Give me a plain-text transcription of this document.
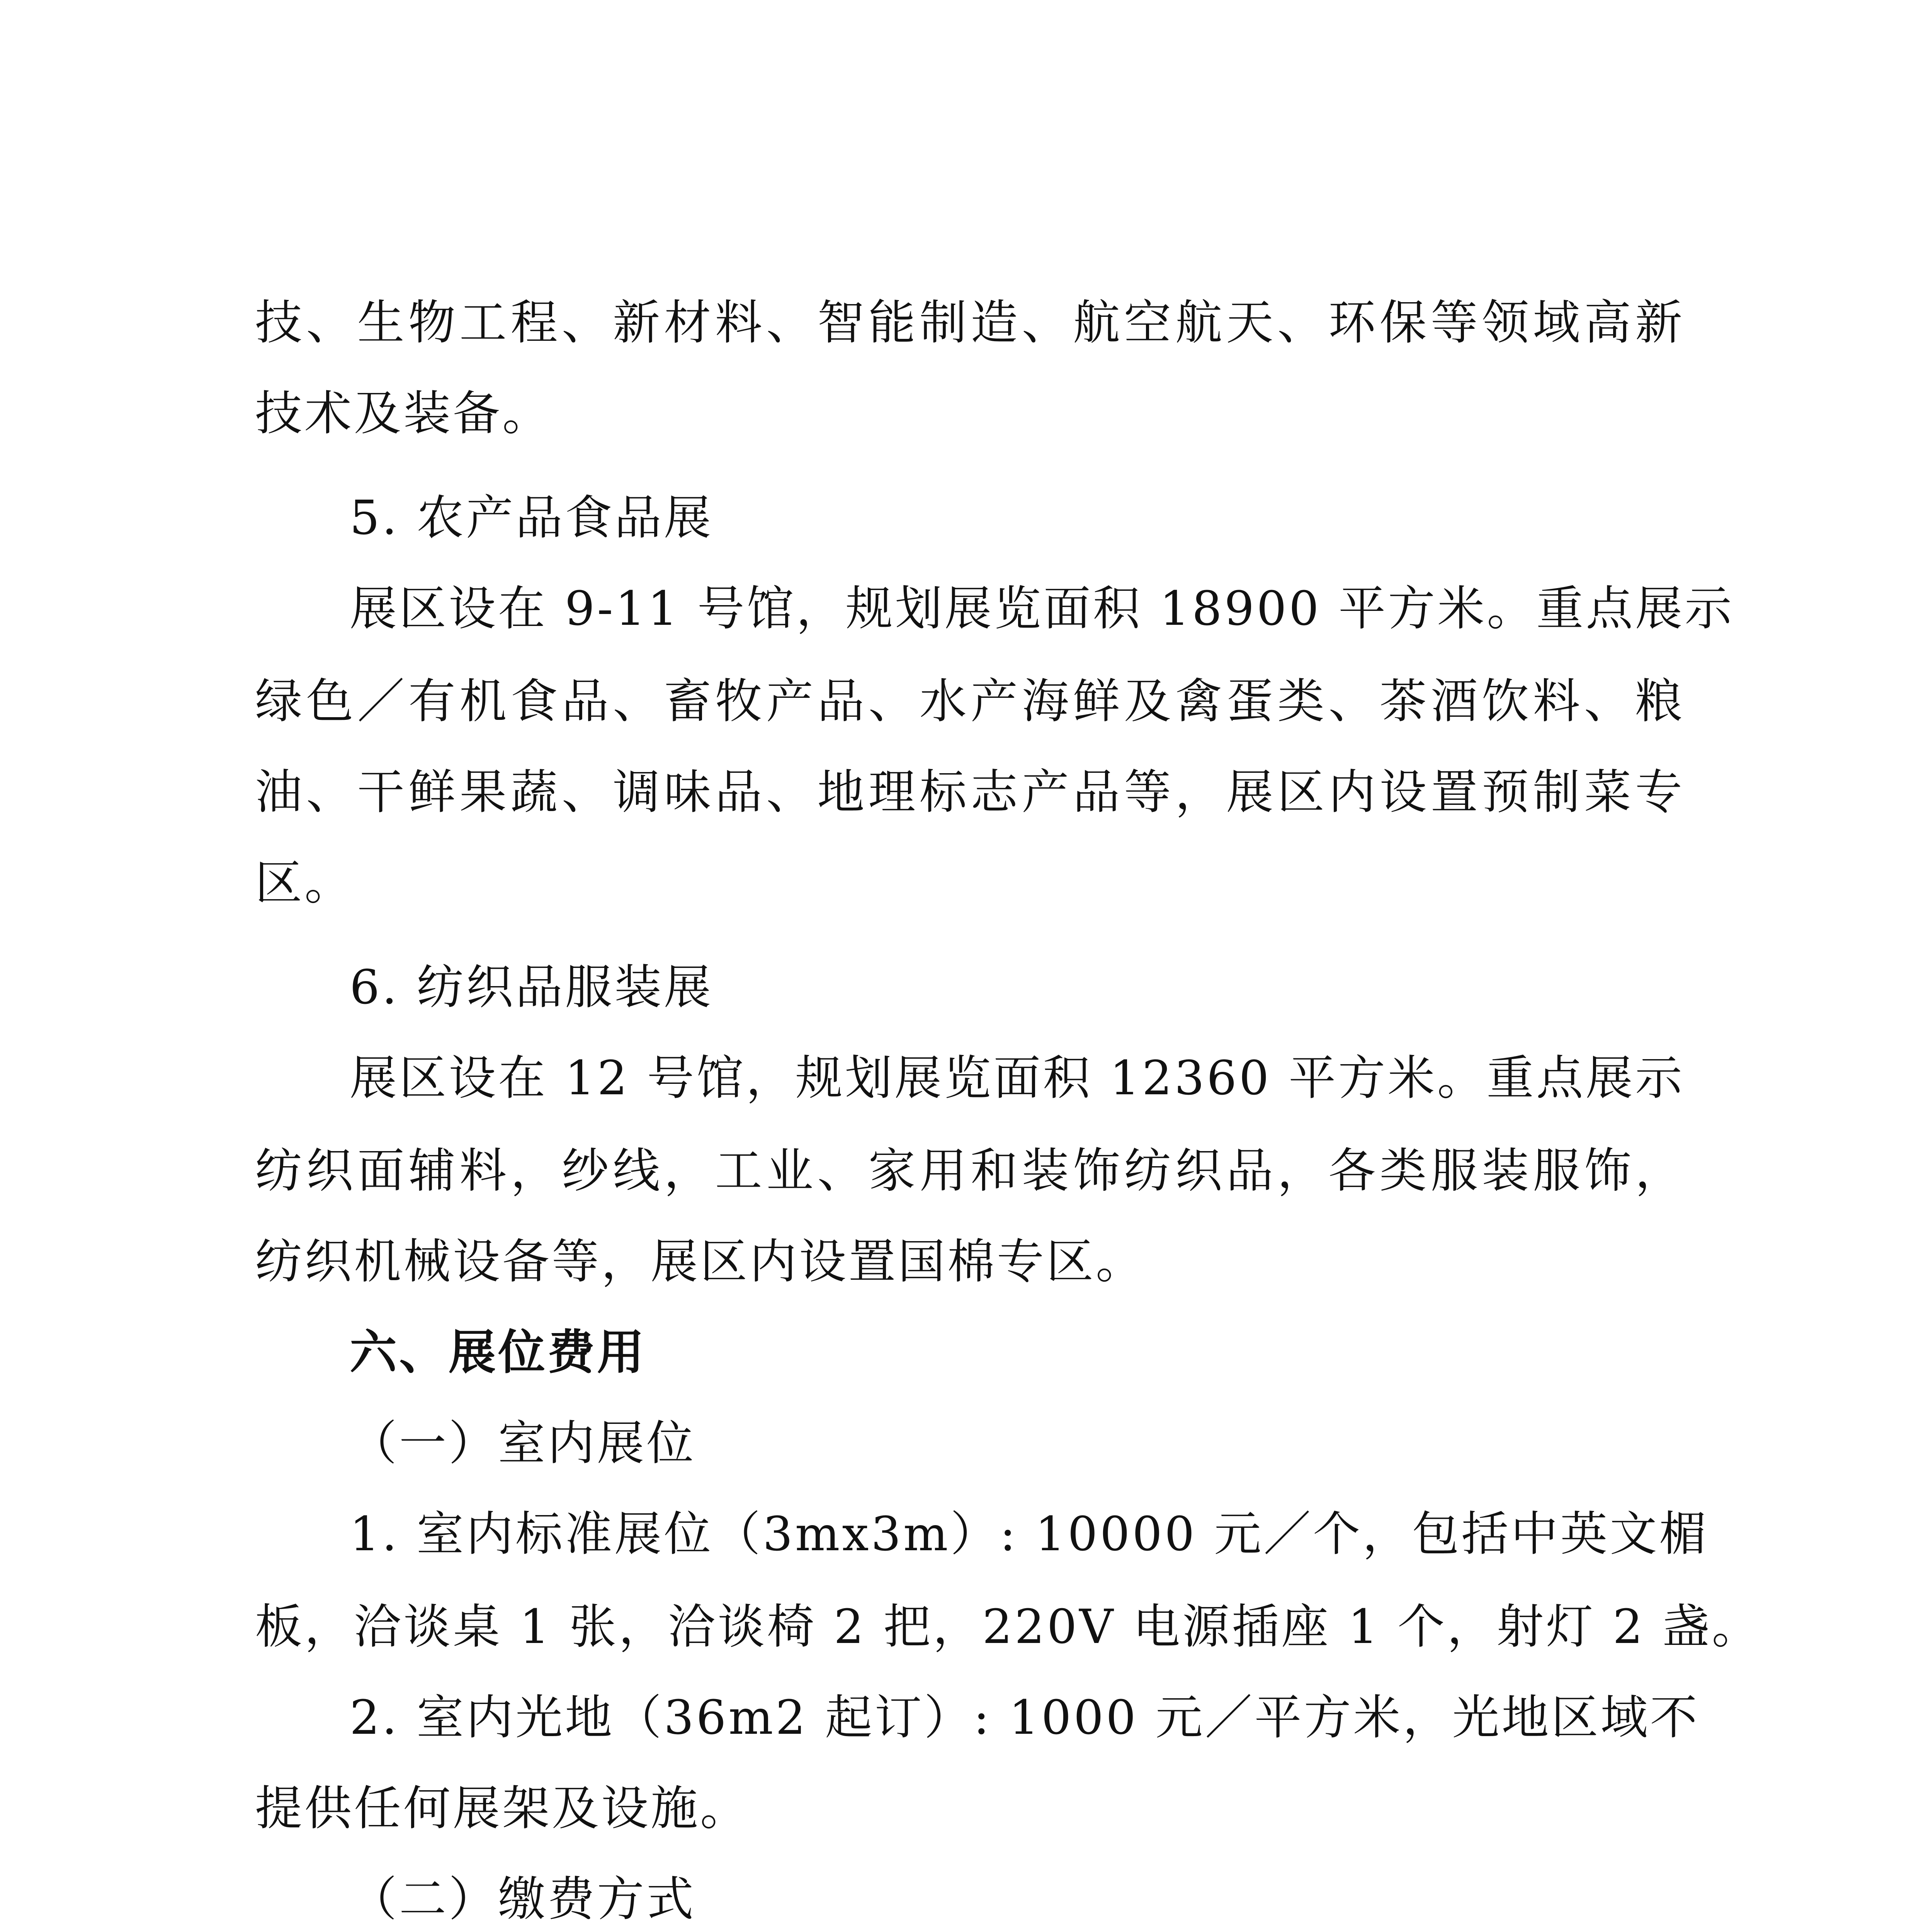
技、生物工程、新材料、智能制造、航空航天、环保等领域高新
技术及装备。
5. 农产品食品展
展区设在 9-11 号馆，规划展览面积 18900 平方米。重点展示
绿色／有机食品、畜牧产品、水产海鲜及禽蛋类、茶酒饮料、粮
油、干鲜果蔬、调味品、地理标志产品等，展区内设置预制菜专
区。
6. 纺织品服装展
展区设在 12 号馆，规划展览面积 12360 平方米。重点展示
纺织面辅料，纱线，工业、家用和装饰纺织品，各类服装服饰，
纺织机械设备等，展区内设置国棉专区。
六、展位费用
（一）室内展位
1. 室内标准展位（3mx3m）: 10000 元／个，包括中英文楣
板，洽谈桌 1 张，洽谈椅 2 把，220V 电源插座 1 个，射灯 2 盏。
2. 室内光地（36m2 起订）: 1000 元／平方米，光地区域不
提供任何展架及设施。
（二）缴费方式
